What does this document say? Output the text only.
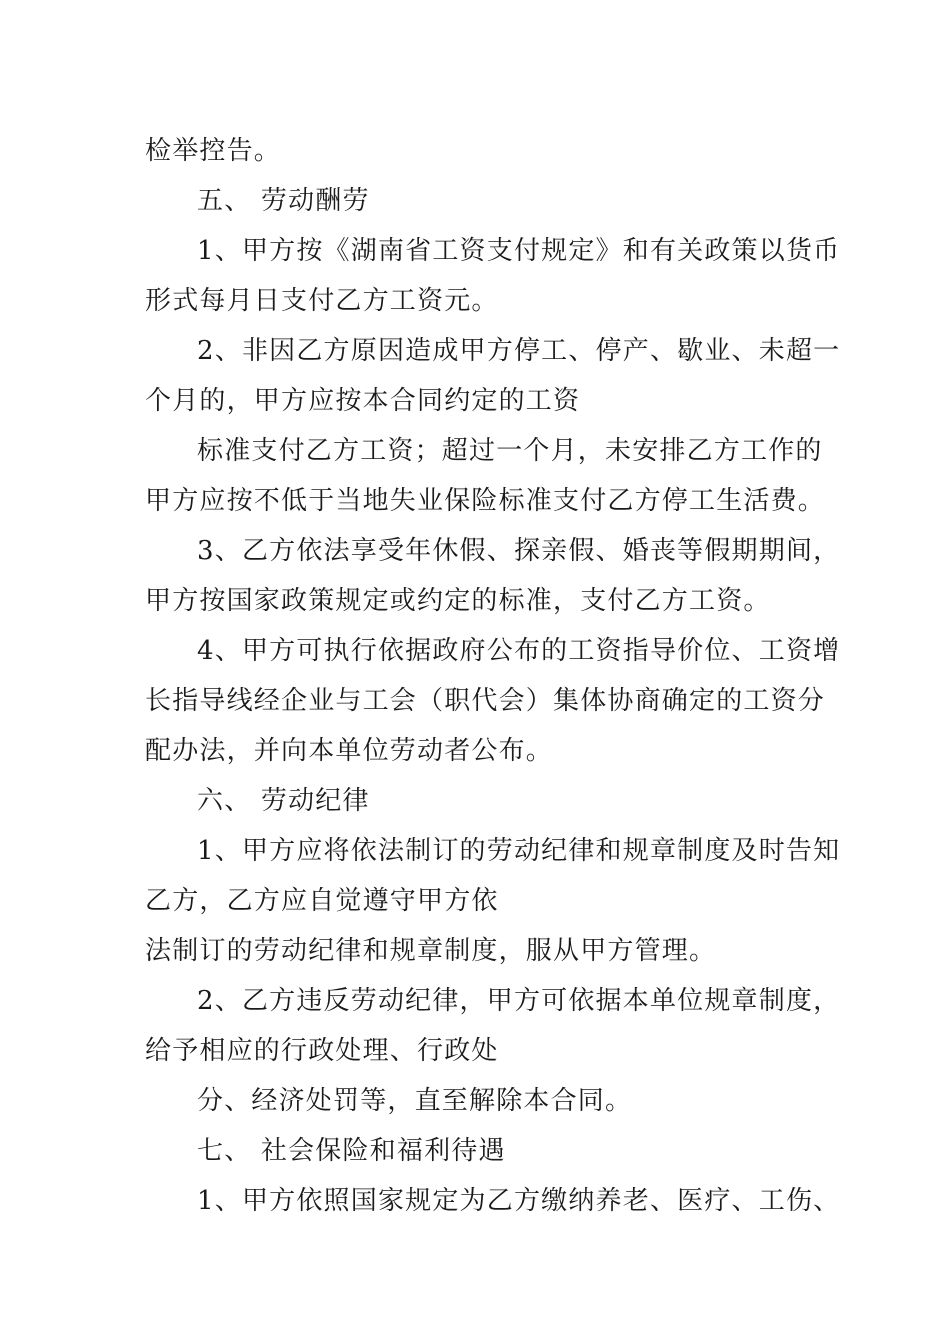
检举控告。
五、 劳动酬劳
1、甲方按《湖南省工资支付规定》和有关政策以货币
形式每月日支付乙方工资元。
2、非因乙方原因造成甲方停工、停产、歇业、未超一
个月的，甲方应按本合同约定的工资
标准支付乙方工资；超过一个月，未安排乙方工作的
甲方应按不低于当地失业保险标准支付乙方停工生活费。
3、乙方依法享受年休假、探亲假、婚丧等假期期间，
甲方按国家政策规定或约定的标准，支付乙方工资。
4、甲方可执行依据政府公布的工资指导价位、工资增
长指导线经企业与工会（职代会）集体协商确定的工资分
配办法，并向本单位劳动者公布。
六、 劳动纪律
1、甲方应将依法制订的劳动纪律和规章制度及时告知
乙方，乙方应自觉遵守甲方依
法制订的劳动纪律和规章制度，服从甲方管理。
2、乙方违反劳动纪律，甲方可依据本单位规章制度，
给予相应的行政处理、行政处
分、经济处罚等，直至解除本合同。
七、 社会保险和福利待遇
1、甲方依照国家规定为乙方缴纳养老、医疗、工伤、
